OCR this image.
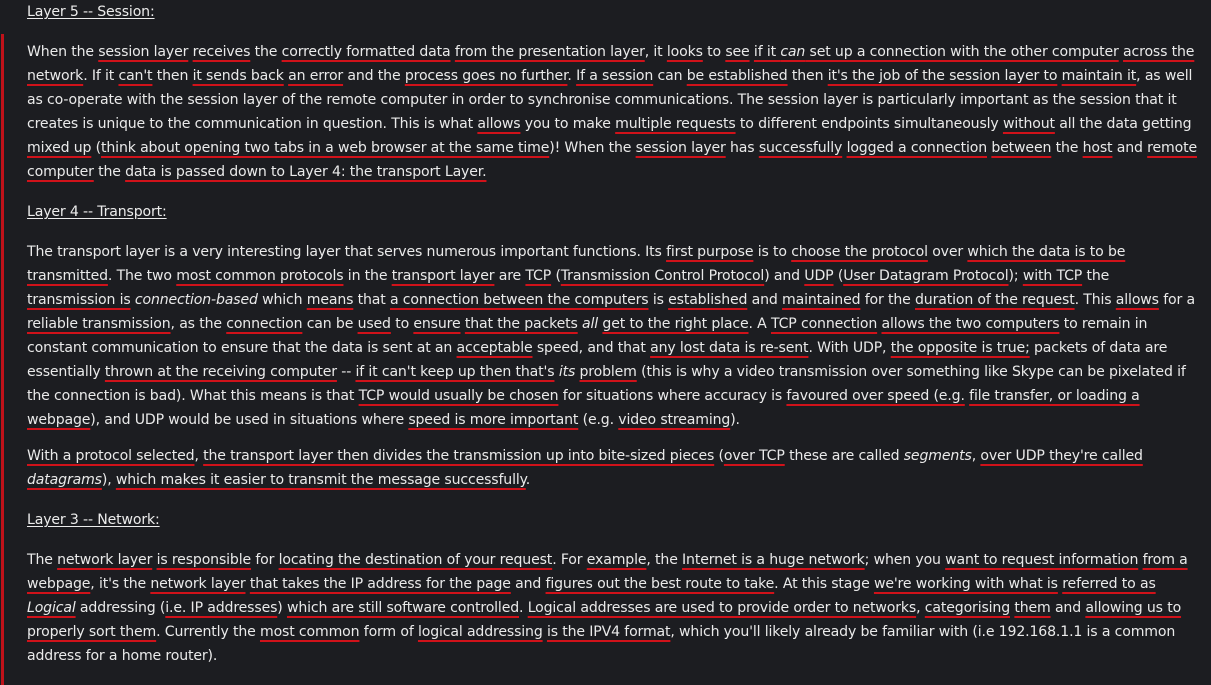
Layer 5 -- Session:

When the session layer receives the correctly formatted data from the presentation layer, it looks to see if it can set up a connection with the other computer across the network. If it can't then it sends back an error and the process goes no further. If a session can be established then it's the job of the session layer to maintain it, as well as co-operate with the session layer of the remote computer in order to synchronise communications. The session layer is particularly important as the session that it creates is unique to the communication in question. This is what allows you to make multiple requests to different endpoints simultaneously without all the data getting mixed up (think about opening two tabs in a web browser at the same time)! When the session layer has successfully logged a connection between the host and remote computer the data is passed down to Layer 4: the transport Layer.

Layer 4 -- Transport:

The transport layer is a very interesting layer that serves numerous important functions. Its first purpose is to choose the protocol over which the data is to be transmitted. The two most common protocols in the transport layer are TCP (Transmission Control Protocol) and UDP (User Datagram Protocol); with TCP the transmission is connection-based which means that a connection between the computers is established and maintained for the duration of the request. This allows for a reliable transmission, as the connection can be used to ensure that the packets all get to the right place. A TCP connection allows the two computers to remain in constant communication to ensure that the data is sent at an acceptable speed, and that any lost data is re-sent. With UDP, the opposite is true; packets of data are essentially thrown at the receiving computer -- if it can't keep up then that's its problem (this is why a video transmission over something like Skype can be pixelated if the connection is bad). What this means is that TCP would usually be chosen for situations where accuracy is favoured over speed (e.g. file transfer, or loading a webpage), and UDP would be used in situations where speed is more important (e.g. video streaming).

With a protocol selected, the transport layer then divides the transmission up into bite-sized pieces (over TCP these are called segments, over UDP they're called datagrams), which makes it easier to transmit the message successfully.

Layer 3 -- Network:

The network layer is responsible for locating the destination of your request. For example, the Internet is a huge network; when you want to request information from a webpage, it's the network layer that takes the IP address for the page and figures out the best route to take. At this stage we're working with what is referred to as Logical addressing (i.e. IP addresses) which are still software controlled. Logical addresses are used to provide order to networks, categorising them and allowing us to properly sort them. Currently the most common form of logical addressing is the IPV4 format, which you'll likely already be familiar with (i.e 192.168.1.1 is a common address for a home router).
